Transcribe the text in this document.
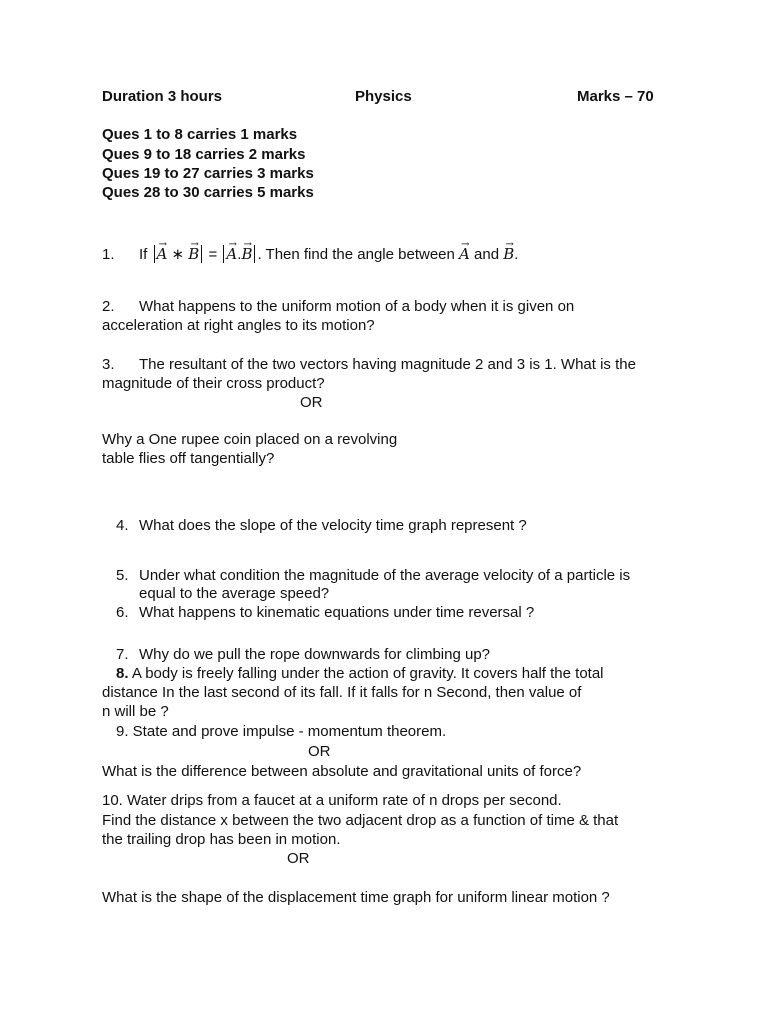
Duration 3 hours	Physics	Marks – 70
Ques 1 to 8 carries 1 marks
Ques 9 to 18 carries 2 marks
Ques 19 to 27 carries 3 marks
Ques 28 to 30 carries 5 marks
1. If → A ∗ → B = → A.→ B . Then find the angle between → A and → B.
2. What happens to the uniform motion of a body when it is given on
acceleration at right angles to its motion?
3. The resultant of the two vectors having magnitude 2 and 3 is 1. What is the
magnitude of their cross product?
OR
Why a One rupee coin placed on a revolving
table flies off tangentially?
4. What does the slope of the velocity time graph represent ?
5. Under what condition the magnitude of the average velocity of a particle is
equal to the average speed?
6. What happens to kinematic equations under time reversal ?
7. Why do we pull the rope downwards for climbing up?
8. A body is freely falling under the action of gravity. It covers half the total
distance In the last second of its fall. If it falls for n Second, then value of
n will be ?
9. State and prove impulse - momentum theorem.
OR
What is the difference between absolute and gravitational units of force?
10. Water drips from a faucet at a uniform rate of n drops per second.
Find the distance x between the two adjacent drop as a function of time & that
the trailing drop has been in motion.
OR
What is the shape of the displacement time graph for uniform linear motion ?
